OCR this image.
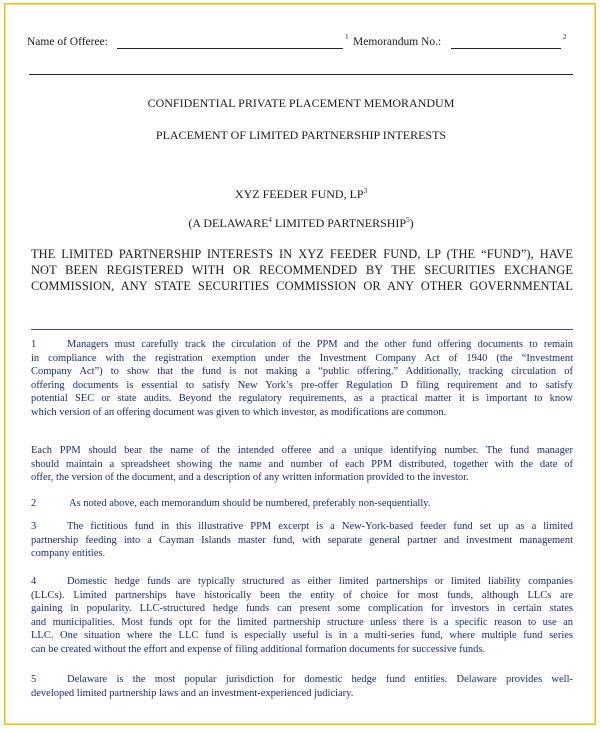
Name of Offeree:	1 Memorandum No.:	2
CONFIDENTIAL PRIVATE PLACEMENT MEMORANDUM
PLACEMENT OF LIMITED PARTNERSHIP INTERESTS
XYZ FEEDER FUND, $LP^3$
(A DELAWARE$^4$ LIMITED PARTNERSHIP$^5$)
THE LIMITED PARTNERSHIP INTERESTS IN XYZ FEEDER FUND, LP (THE “FUND”), HAVE
NOT BEEN REGISTERED WITH OR RECOMMENDED BY THE SECURITIES EXCHANGE
COMMISSION, ANY STATE SECURITIES COMMISSION OR ANY OTHER GOVERNMENTAL
1	Managers must carefully track the circulation of the PPM and the other fund offering documents to remain
in compliance with the registration exemption under the Investment Company Act of 1940 (the “Investment
Company Act”) to show that the fund is not making a “public offering.” Additionally, tracking circulation of
offering documents is essential to satisfy New York’s pre-offer Regulation D filing requirement and to satisfy
potential SEC or state audits. Beyond the regulatory requirements, as a practical matter it is important to know
which version of an offering document was given to which investor, as modifications are common.
Each PPM should bear the name of the intended offeree and a unique identifying number. The fund manager
should maintain a spreadsheet showing the name and number of each PPM distributed, together with the date of
offer, the version of the document, and a description of any written information provided to the investor.
2	As noted above, each memorandum should be numbered, preferably non-sequentially.
3	The fictitious fund in this illustrative PPM excerpt is a New-York-based feeder fund set up as a limited
partnership feeding into a Cayman Islands master fund, with separate general partner and investment management
company entities.
4	Domestic hedge funds are typically structured as either limited partnerships or limited liability companies
(LLCs). Limited partnerships have historically been the entity of choice for most funds, although LLCs are
gaining in popularity. LLC-structured hedge funds can present some complication for investors in certain states
and municipalities. Most funds opt for the limited partnership structure unless there is a specific reason to use an
LLC. One situation where the LLC fund is especially useful is in a multi-series fund, where multiple fund series
can be created without the effort and expense of filing additional formation documents for successive funds.
5	Delaware is the most popular jurisdiction for domestic hedge fund entities. Delaware provides well-
developed limited partnership laws and an investment-experienced judiciary.
